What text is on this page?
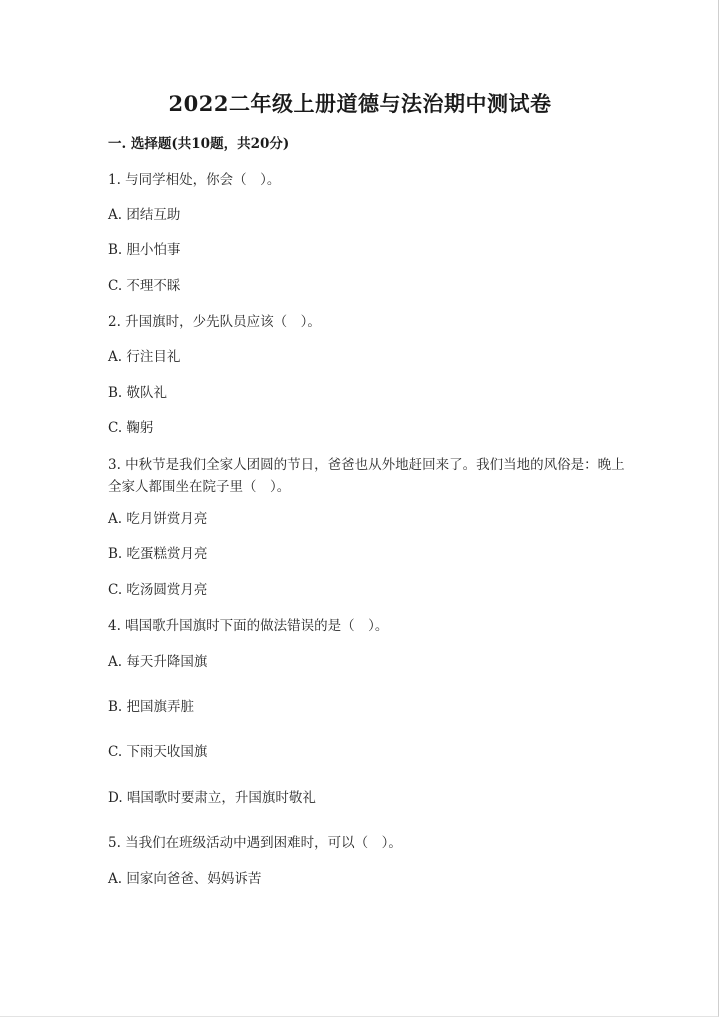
2022二年级上册道德与法治期中测试卷
一. 选择题(共10题，共20分)
1. 与同学相处，你会（　）。
A. 团结互助
B. 胆小怕事
C. 不理不睬
2. 升国旗时，少先队员应该（　）。
A. 行注目礼
B. 敬队礼
C. 鞠躬
3. 中秋节是我们全家人团圆的节日，爸爸也从外地赶回来了。我们当地的风俗是：晚上全家人都围坐在院子里（　）。
A. 吃月饼赏月亮
B. 吃蛋糕赏月亮
C. 吃汤圆赏月亮
4. 唱国歌升国旗时下面的做法错误的是（　）。
A. 每天升降国旗
B. 把国旗弄脏
C. 下雨天收国旗
D. 唱国歌时要肃立，升国旗时敬礼
5. 当我们在班级活动中遇到困难时，可以（　）。
A. 回家向爸爸、妈妈诉苦
